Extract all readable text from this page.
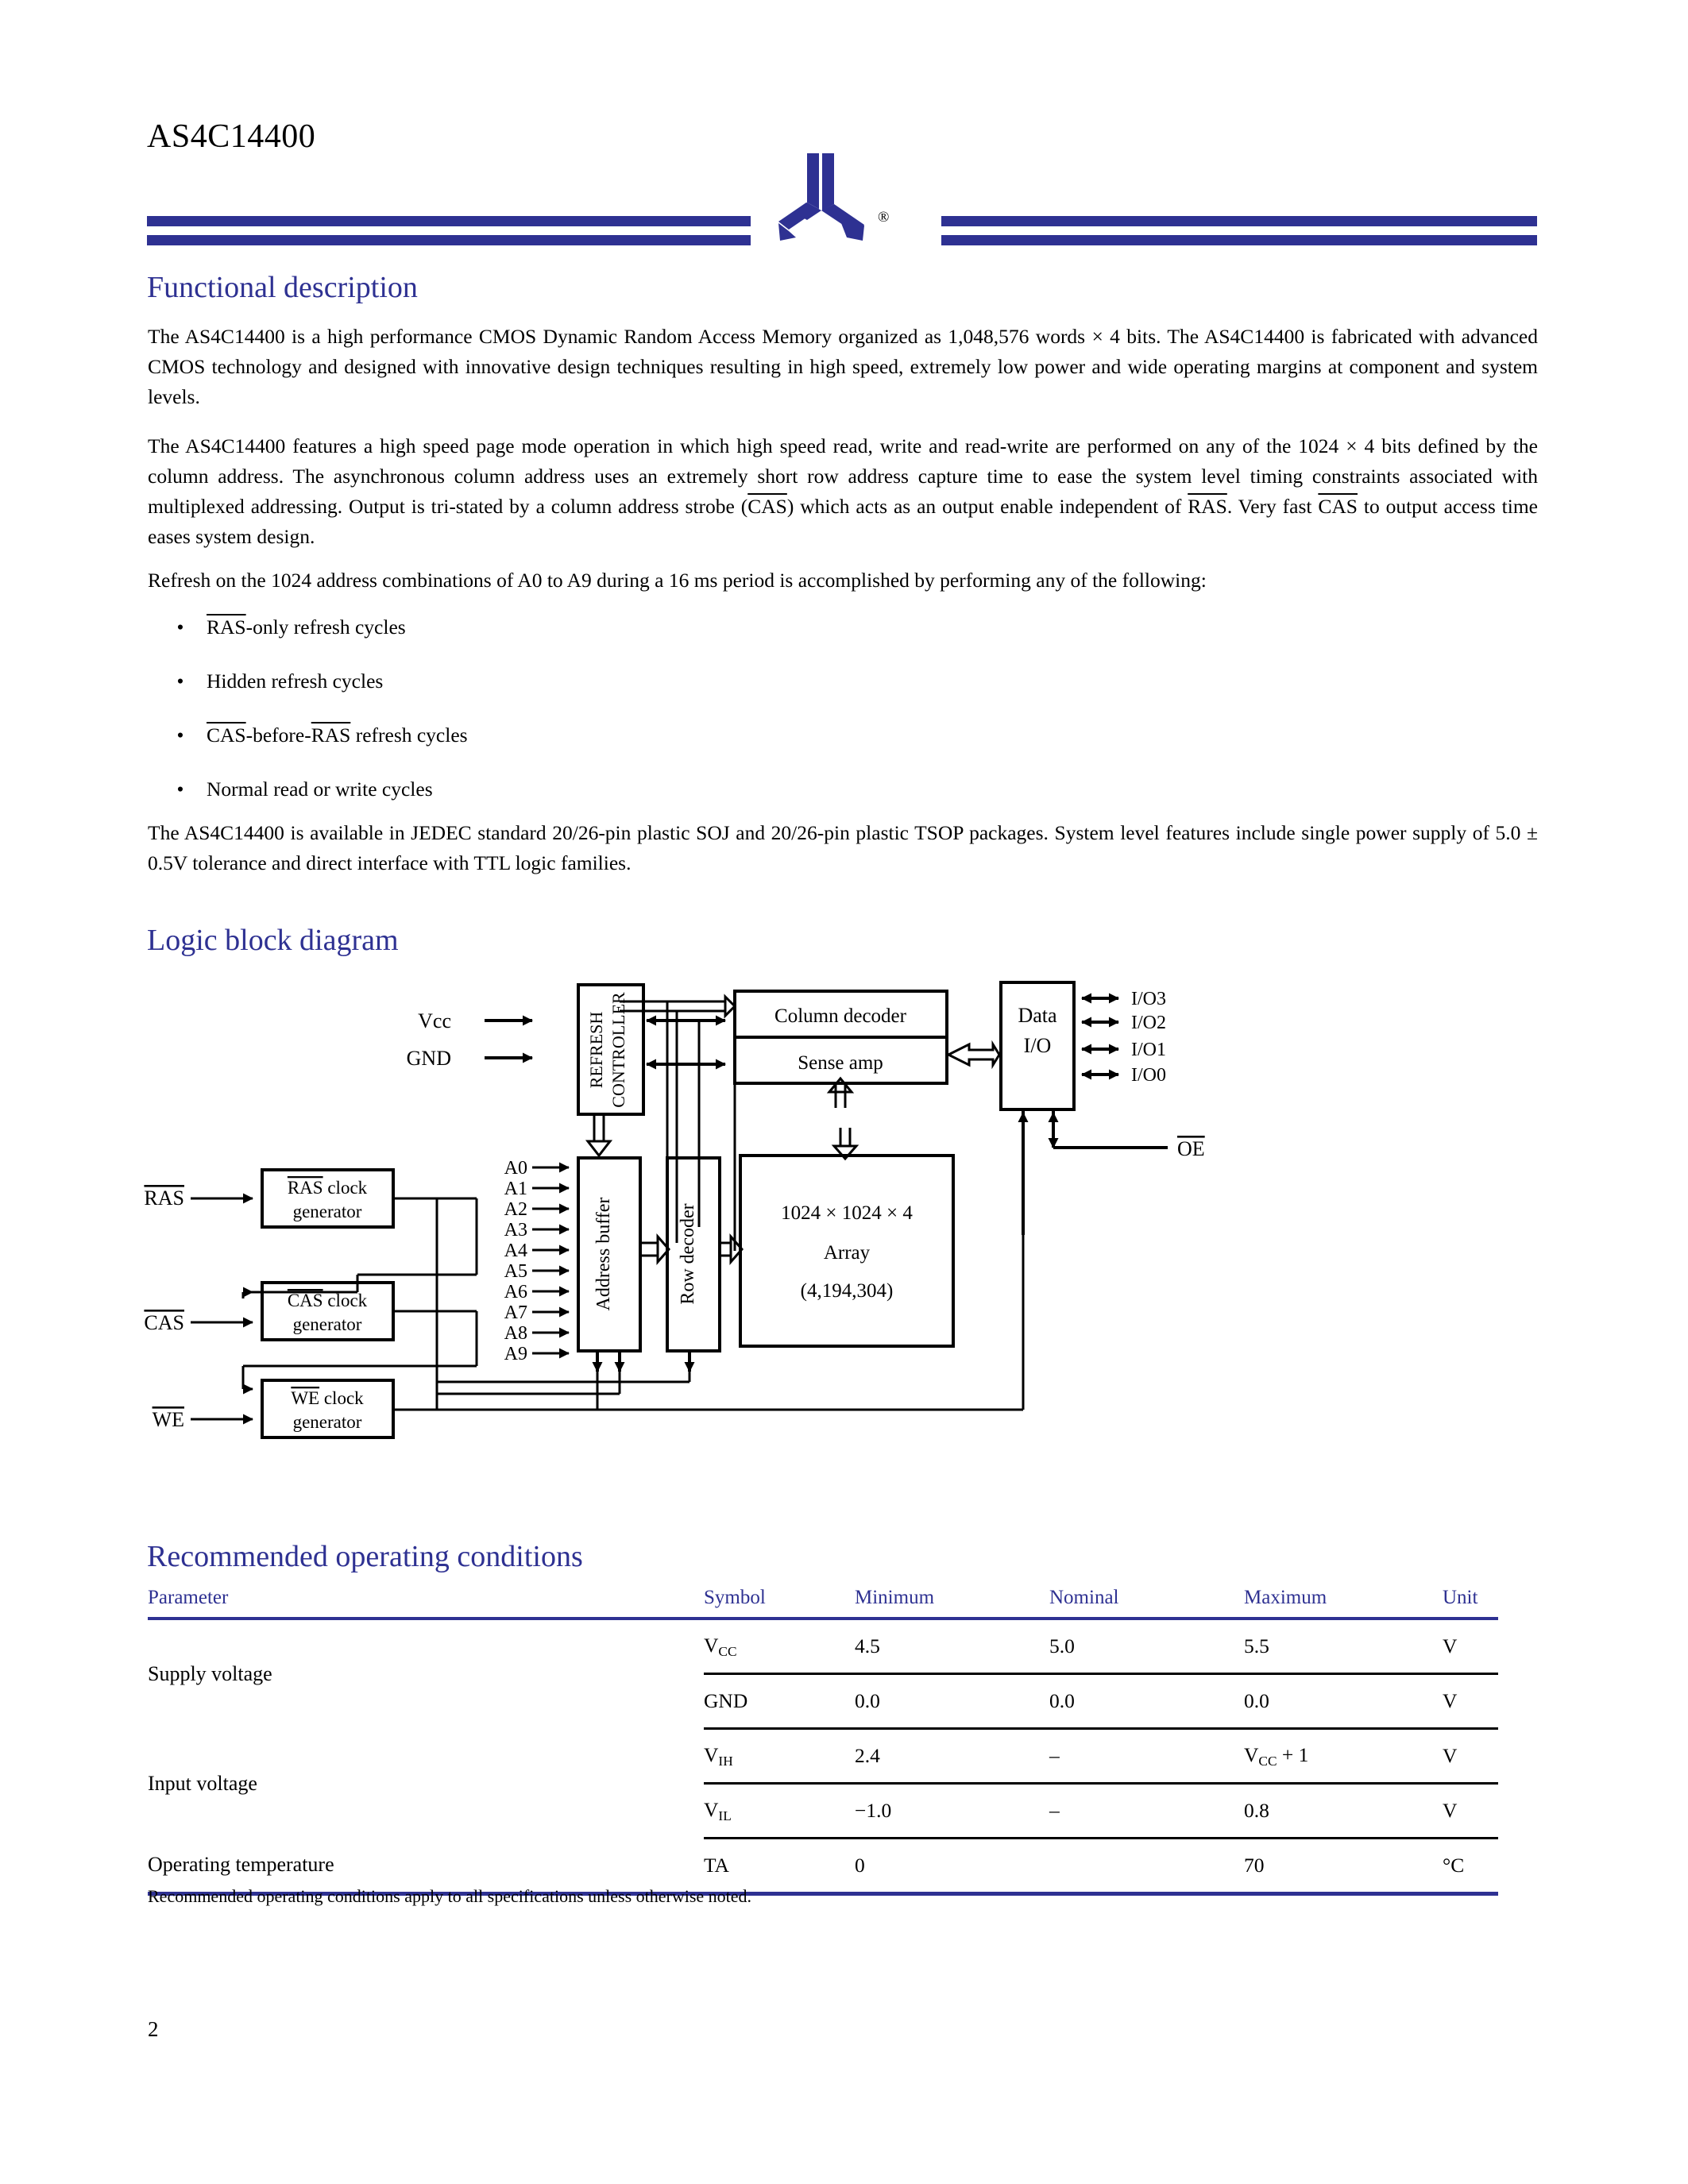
AS4C14400
®
Functional description
The AS4C14400 is a high performance CMOS Dynamic Random Access Memory organized as 1,048,576 words × 4 bits. The AS4C14400 is fabricated with advanced CMOS technology and designed with innovative design techniques resulting in high speed, extremely low power and wide operating margins at component and system levels.
The AS4C14400 features a high speed page mode operation in which high speed read, write and read-write are performed on any of the 1024 × 4 bits defined by the column address. The asynchronous column address uses an extremely short row address capture time to ease the system level timing constraints associated with multiplexed addressing. Output is tri-stated by a column address strobe $(\overline{CAS})$ which acts as an output enable independent of $\overline{RAS}$. Very fast $\overline{CAS}$ to output access time eases system design.
Refresh on the 1024 address combinations of A0 to A9 during a 16 ms period is accomplished by performing any of the following:
• $\overline{RAS}$-only refresh cycles
• Hidden refresh cycles
• $\overline{CAS}-before-\overline{RAS}$ refresh cycles
• Normal read or write cycles
The AS4C14400 is available in JEDEC standard 20/26-pin plastic SOJ and 20/26-pin plastic TSOP packages. System level features include single power supply of 5.0 ± 0.5V tolerance and direct interface with TTL logic families.
Logic block diagram
Vcc
GND	REFRESH CONTROLLER	Column decoder
Sense amp
Data
I/O
I/O3
I/O2
I/O1
I/O0
OE
A0
A1
A2
A3
A4
A5
A6
A7
A8
A9
Address buffer	Row decoder	1024 × 1024 × 4
Array
(4,194,304)
RAS
CAS
WE
RAS clock
generator
CAS clock
generator
WE clock
generator
Recommended operating conditions
Parameter	Symbol	Minimum	Nominal	Maximum	Unit
Supply voltage	$V_{CC}$	4.5	5.0	5.5	V
	GND	0.0	0.0	0.0	V
Input voltage	$V_{IH}$	2.4	–	$V_{CC} + 1$	V
	$V_{IL}$	−1.0	–	0.8	V
Operating temperature	TA	0		70	°C
Recommended operating conditions apply to all specifications unless otherwise noted.
2
